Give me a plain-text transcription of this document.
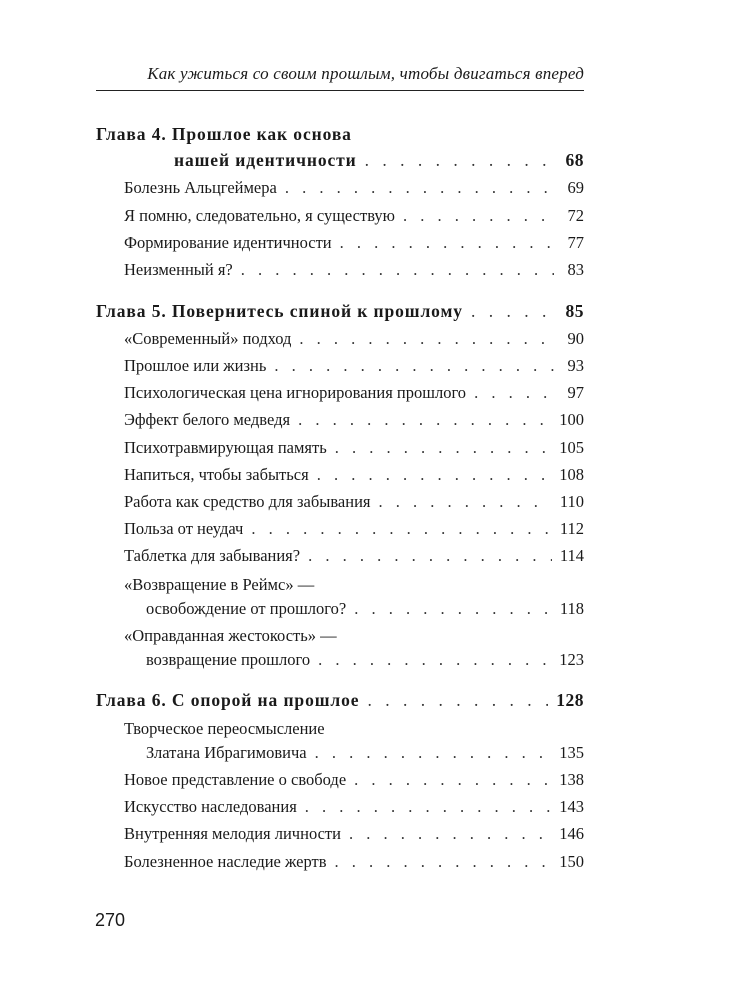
Как ужиться со своим прошлым, чтобы двигаться вперед
Глава 4. Прошлое как основа
нашей идентичности . . .	68
Болезнь Альцгеймера . . .	69
Я помню, следовательно, я существую . . .	72
Формирование идентичности . . .	77
Неизменный я? . . .	83
Глава 5. Повернитесь спиной к прошлому . . .	85
«Современный» подход . . .	90
Прошлое или жизнь . . .	93
Психологическая цена игнорирования прошлого . . .	97
Эффект белого медведя . . .	100
Психотравмирующая память . . .	105
Напиться, чтобы забыться . . .	108
Работа как средство для забывания . . .	110
Польза от неудач . . .	112
Таблетка для забывания? . . .	114
«Возвращение в Реймс» —
освобождение от прошлого? . . .	118
«Оправданная жестокость» —
возвращение прошлого . . .	123
Глава 6. С опорой на прошлое . . .	128
Творческое переосмысление
Златана Ибрагимовича . . .	135
Новое представление о свободе . . .	138
Искусство наследования . . .	143
Внутренняя мелодия личности . . .	146
Болезненное наследие жертв . . .	150
270
